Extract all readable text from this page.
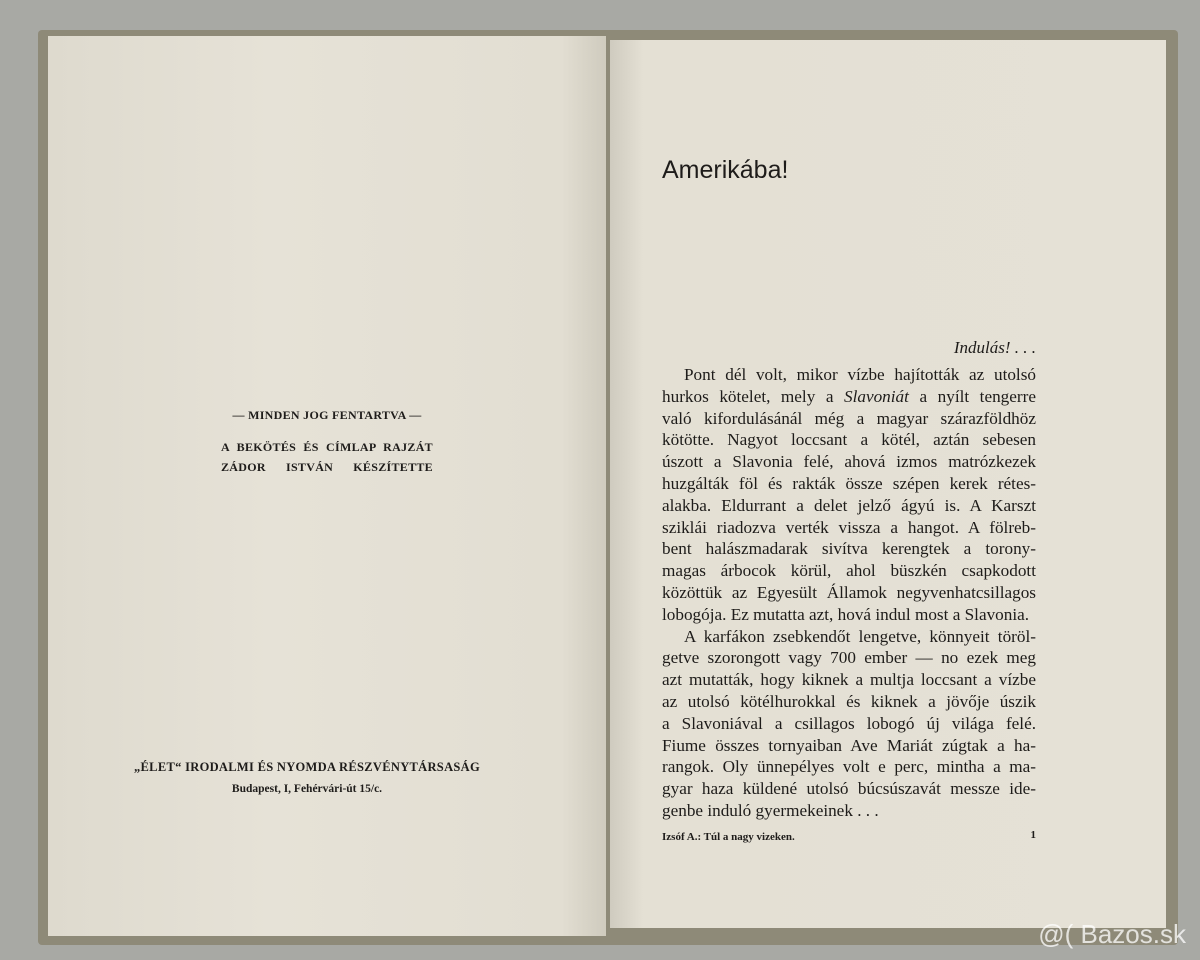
— MINDEN JOG FENTARTVA —
A BEKÖTÉS ÉS CÍMLAP RAJZÁT
ZÁDOR ISTVÁN KÉSZÍTETTE
„ÉLET“ IRODALMI ÉS NYOMDA RÉSZVÉNYTÁRSASÁG
Budapest, I, Fehérvári-út 15/c.
Amerikába!
Indulás! . . .
Pont dél volt, mikor vízbe hajították az utolsó
hurkos kötelet, mely a Slavoniát a nyílt tengerre
való kifordulásánál még a magyar szárazföldhöz
kötötte. Nagyot loccsant a kötél, aztán sebesen
úszott a Slavonia felé, ahová izmos matrózkezek
huzgálták föl és rakták össze szépen kerek rétes-
alakba. Eldurrant a delet jelző ágyú is. A Karszt
sziklái riadozva verték vissza a hangot. A fölreb-
bent halászmadarak sivítva kerengtek a torony-
magas árbocok körül, ahol büszkén csapkodott
közöttük az Egyesült Államok negyvenhatcsillagos
lobogója. Ez mutatta azt, hová indul most a Slavonia.
A karfákon zsebkendőt lengetve, könnyeit töröl-
getve szorongott vagy 700 ember — no ezek meg
azt mutatták, hogy kiknek a multja loccsant a vízbe
az utolsó kötélhurokkal és kiknek a jövője úszik
a Slavoniával a csillagos lobogó új világa felé.
Fiume összes tornyaiban Ave Mariát zúgtak a ha-
rangok. Oly ünnepélyes volt e perc, mintha a ma-
gyar haza küldené utolsó búcsúszavát messze ide-
genbe induló gyermekeinek . . .
Izsóf A.: Túl a nagy vizeken.	1
@( Bazos.sk
